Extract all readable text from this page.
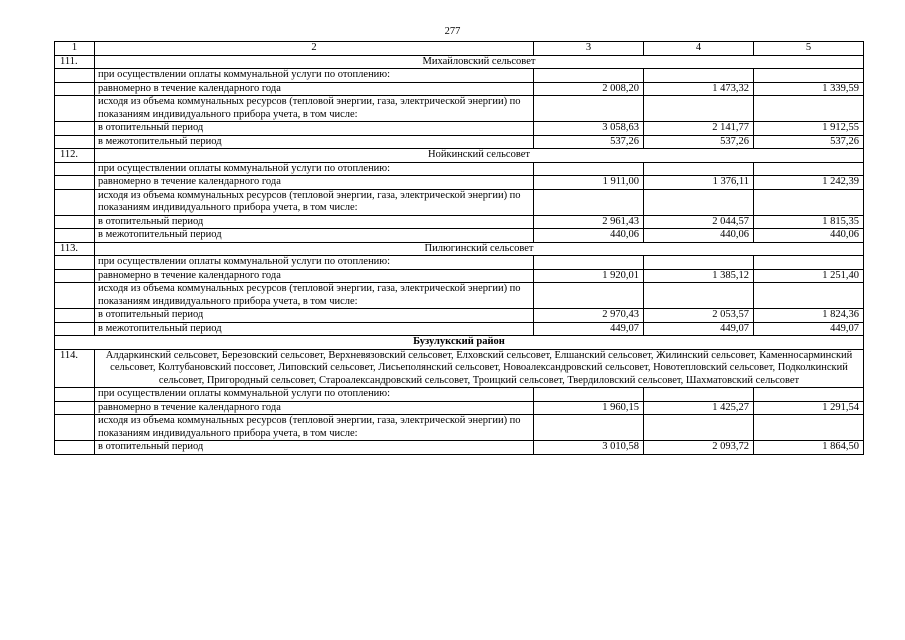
277
1	2	3	4	5
111.	Михайловский сельсовет			
	при осуществлении оплаты коммунальной услуги по отоплению:			
	равномерно в течение календарного года	2 008,20	1 473,32	1 339,59
	исходя из объема коммунальных ресурсов (тепловой энергии, газа, электрической энергии) по показаниям индивидуального прибора учета, в том числе:			
	в отопительный период	3 058,63	2 141,77	1 912,55
	в межотопительный период	537,26	537,26	537,26
112.	Нойкинский сельсовет			
	при осуществлении оплаты коммунальной услуги по отоплению:			
	равномерно в течение календарного года	1 911,00	1 376,11	1 242,39
	исходя из объема коммунальных ресурсов (тепловой энергии, газа, электрической энергии) по показаниям индивидуального прибора учета, в том числе:			
	в отопительный период	2 961,43	2 044,57	1 815,35
	в межотопительный период	440,06	440,06	440,06
113.	Пилюгинский сельсовет			
	при осуществлении оплаты коммунальной услуги по отоплению:			
	равномерно в течение календарного года	1 920,01	1 385,12	1 251,40
	исходя из объема коммунальных ресурсов (тепловой энергии, газа, электрической энергии) по показаниям индивидуального прибора учета, в том числе:			
	в отопительный период	2 970,43	2 053,57	1 824,36
	в межотопительный период	449,07	449,07	449,07
Бузулукский район				
114.	Алдаркинский сельсовет, Березовский сельсовет, Верхневязовский сельсовет, Елховский сельсовет, Елшанский сельсовет, Жилинский сельсовет, Каменносарминский сельсовет, Колтубановский поссовет, Липовский сельсовет, Лисьеполянский сельсовет, Новоалександровский сельсовет, Новотепловский сельсовет, Подколкинский сельсовет, Пригородный сельсовет, Староалександровский сельсовет, Троицкий сельсовет, Твердиловский сельсовет, Шахматовский сельсовет			
	при осуществлении оплаты коммунальной услуги по отоплению:			
	равномерно в течение календарного года	1 960,15	1 425,27	1 291,54
	исходя из объема коммунальных ресурсов (тепловой энергии, газа, электрической энергии) по показаниям индивидуального прибора учета, в том числе:			
	в отопительный период	3 010,58	2 093,72	1 864,50
